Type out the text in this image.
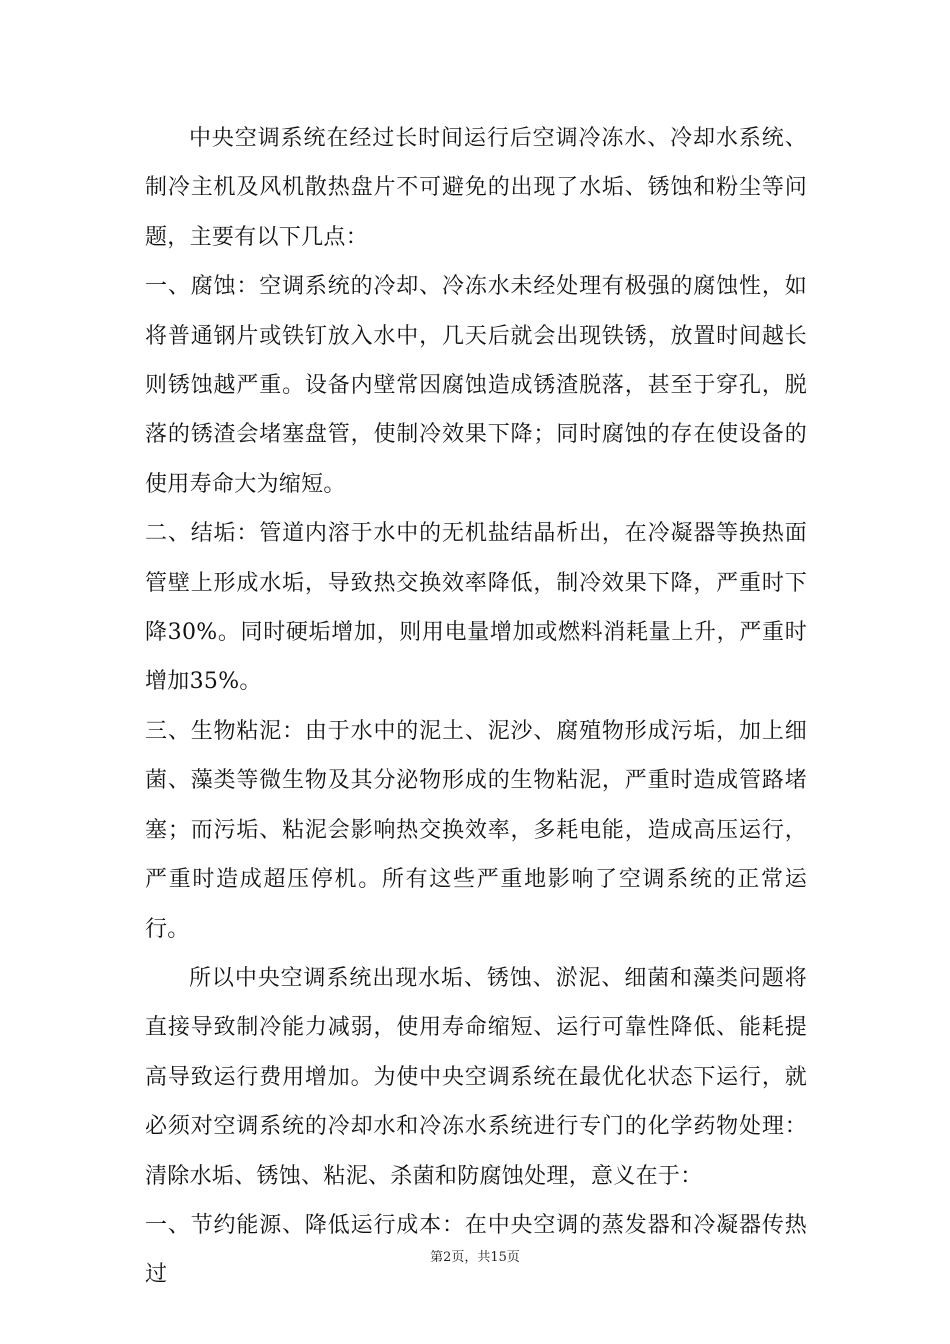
中央空调系统在经过长时间运行后空调冷冻水、冷却水系统、制冷主机及风机散热盘片不可避免的出现了水垢、锈蚀和粉尘等问题，主要有以下几点：

一、腐蚀：空调系统的冷却、冷冻水未经处理有极强的腐蚀性，如将普通钢片或铁钉放入水中，几天后就会出现铁锈，放置时间越长则锈蚀越严重。设备内壁常因腐蚀造成锈渣脱落，甚至于穿孔，脱落的锈渣会堵塞盘管，使制冷效果下降；同时腐蚀的存在使设备的使用寿命大为缩短。

二、结垢：管道内溶于水中的无机盐结晶析出，在冷凝器等换热面管壁上形成水垢，导致热交换效率降低，制冷效果下降，严重时下降30%。同时硬垢增加，则用电量增加或燃料消耗量上升，严重时增加35%。

三、生物粘泥：由于水中的泥土、泥沙、腐殖物形成污垢，加上细菌、藻类等微生物及其分泌物形成的生物粘泥，严重时造成管路堵塞；而污垢、粘泥会影响热交换效率，多耗电能，造成高压运行，严重时造成超压停机。所有这些严重地影响了空调系统的正常运行。

所以中央空调系统出现水垢、锈蚀、淤泥、细菌和藻类问题将直接导致制冷能力减弱，使用寿命缩短、运行可靠性降低、能耗提高导致运行费用增加。为使中央空调系统在最优化状态下运行，就必须对空调系统的冷却水和冷冻水系统进行专门的化学药物处理：清除水垢、锈蚀、粘泥、杀菌和防腐蚀处理，意义在于：

一、节约能源、降低运行成本：在中央空调的蒸发器和冷凝器传热过

第2页，共15页
